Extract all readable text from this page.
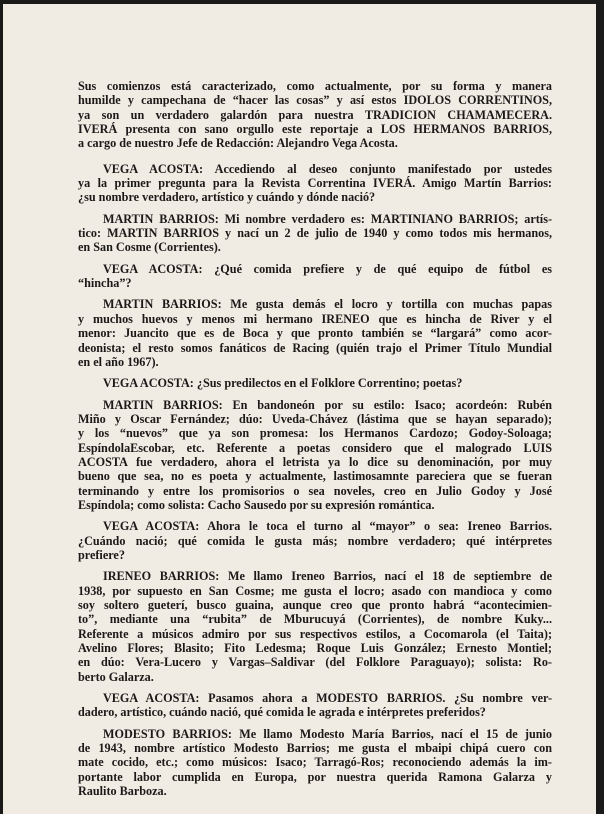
Sus comienzos está caracterizado, como actualmente, por su forma y manera
humilde y campechana de “hacer las cosas” y así estos IDOLOS CORRENTINOS,
ya son un verdadero galardón para nuestra TRADICION CHAMAMECERA.
IVERÁ presenta con sano orgullo este reportaje a LOS HERMANOS BARRIOS,
a cargo de nuestro Jefe de Redacción: Alejandro Vega Acosta.
VEGA ACOSTA: Accediendo al deseo conjunto manifestado por ustedes
ya la primer pregunta para la Revista Correntina IVERÁ. Amigo Martín Barrios:
¿su nombre verdadero, artístico y cuándo y dónde nació?
MARTIN BARRIOS: Mi nombre verdadero es: MARTINIANO BARRIOS; artís-
tico: MARTIN BARRIOS y nací un 2 de julio de 1940 y como todos mis hermanos,
en San Cosme (Corrientes).
VEGA ACOSTA: ¿Qué comida prefiere y de qué equipo de fútbol es
“hincha”?
MARTIN BARRIOS: Me gusta demás el locro y tortilla con muchas papas
y muchos huevos y menos mi hermano IRENEO que es hincha de River y el
menor: Juancito que es de Boca y que pronto también se “largará” como acor-
deonista; el resto somos fanáticos de Racing (quién trajo el Primer Título Mundial
en el año 1967).
VEGA ACOSTA: ¿Sus predilectos en el Folklore Correntino; poetas?
MARTIN BARRIOS: En bandoneón por su estilo: Isaco; acordeón: Rubén
Miño y Oscar Fernández; dúo: Uveda-Chávez (lástima que se hayan separado);
y los “nuevos” que ya son promesa: los Hermanos Cardozo; Godoy-Soloaga;
EspíndolaEscobar, etc. Referente a poetas considero que el malogrado LUIS
ACOSTA fue verdadero, ahora el letrista ya lo dice su denominación, por muy
bueno que sea, no es poeta y actualmente, lastimosamnte pareciera que se fueran
terminando y entre los promisorios o sea noveles, creo en Julio Godoy y José
Espíndola; como solista: Cacho Sausedo por su expresión romántica.
VEGA ACOSTA: Ahora le toca el turno al “mayor” o sea: Ireneo Barrios.
¿Cuándo nació; qué comida le gusta más; nombre verdadero; qué intérpretes
prefiere?
IRENEO BARRIOS: Me llamo Ireneo Barrios, nací el 18 de septiembre de
1938, por supuesto en San Cosme; me gusta el locro; asado con mandioca y como
soy soltero gueterí, busco guaina, aunque creo que pronto habrá “acontecimien-
to”, mediante una “rubita” de Mburucuyá (Corrientes), de nombre Kuky...
Referente a músicos admiro por sus respectivos estilos, a Cocomarola (el Taita);
Avelino Flores; Blasito; Fito Ledesma; Roque Luis González; Ernesto Montiel;
en dúo: Vera-Lucero y Vargas–Saldivar (del Folklore Paraguayo); solista: Ro-
berto Galarza.
VEGA ACOSTA: Pasamos ahora a MODESTO BARRIOS. ¿Su nombre ver-
dadero, artístico, cuándo nació, qué comida le agrada e intérpretes preferidos?
MODESTO BARRIOS: Me llamo Modesto María Barrios, nací el 15 de junio
de 1943, nombre artístico Modesto Barrios; me gusta el mbaipi chipá cuero con
mate cocido, etc.; como músicos: Isaco; Tarragó-Ros; reconociendo además la im-
portante labor cumplida en Europa, por nuestra querida Ramona Galarza y
Raulito Barboza.
